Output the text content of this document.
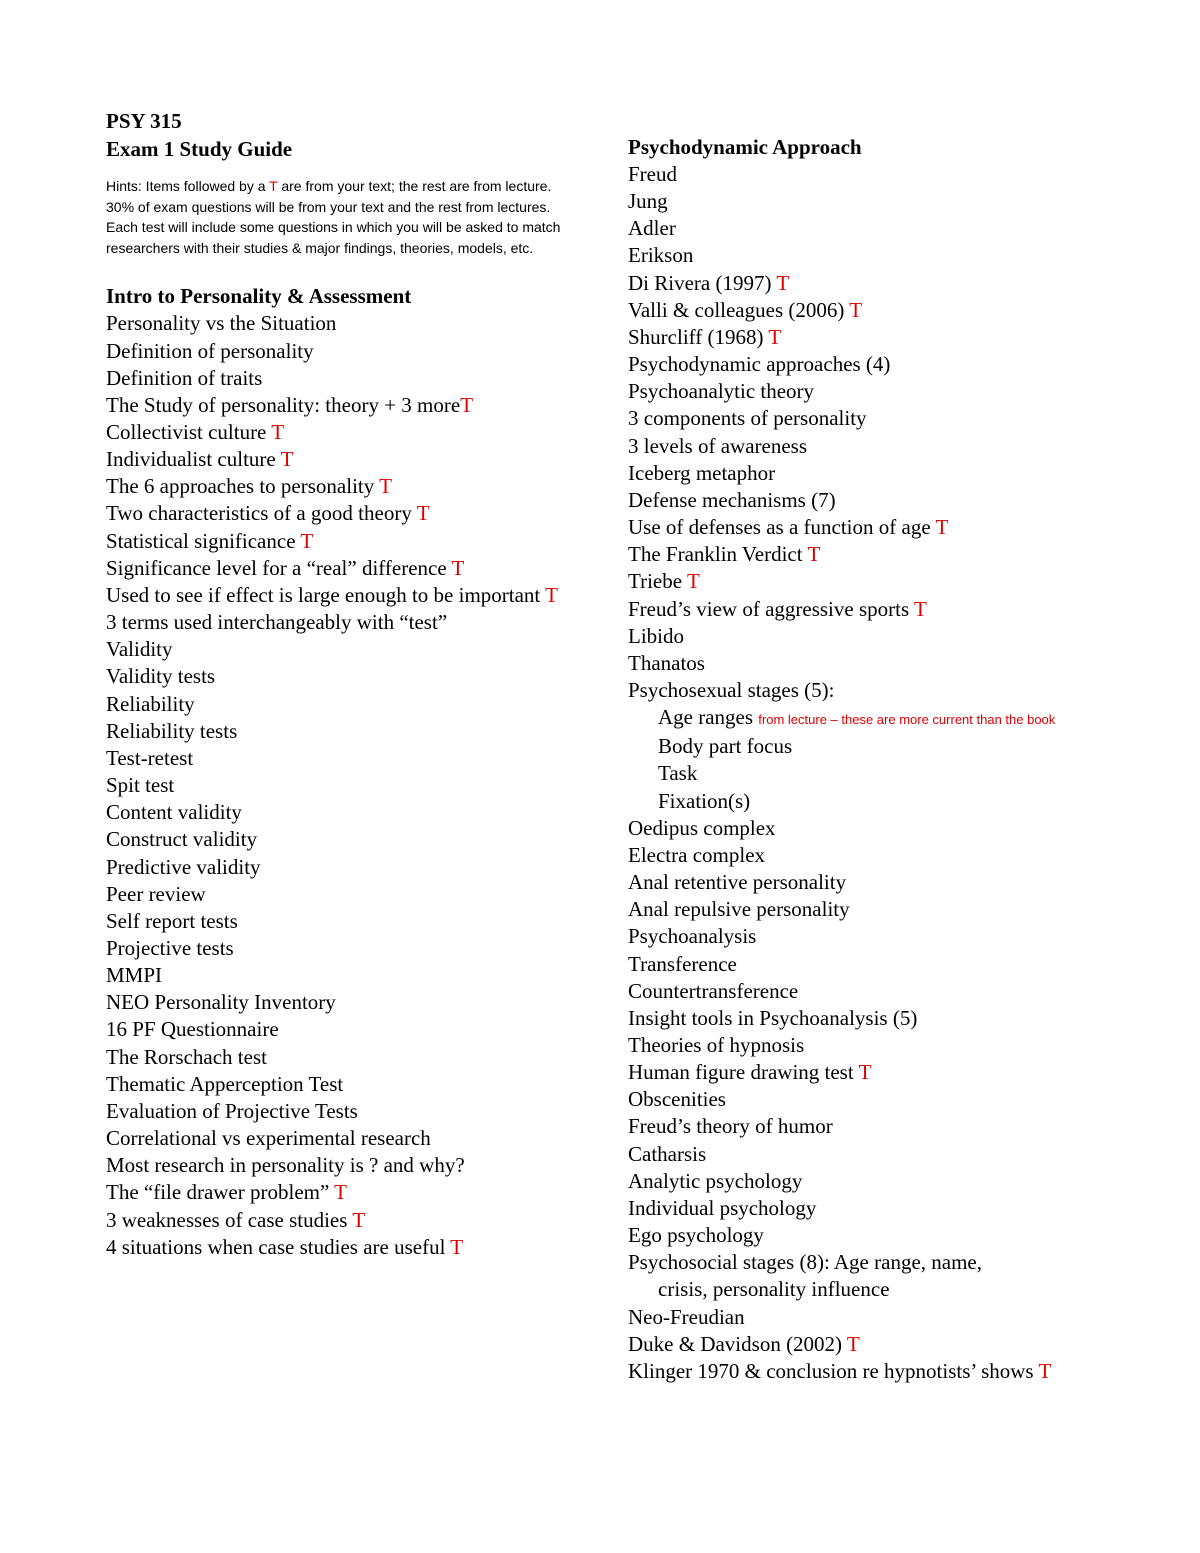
PSY 315

Exam 1 Study Guide

Hints: Items followed by a T are from your text; the rest are from lecture. 30% of exam questions will be from your text and the rest from lectures. Each test will include some questions in which you will be asked to match researchers with their studies & major findings, theories, models, etc.

Intro to Personality & Assessment

Personality vs the Situation
Definition of personality
Definition of traits
The Study of personality: theory + 3 moreT
Collectivist culture T
Individualist culture T
The 6 approaches to personality T
Two characteristics of a good theory T
Statistical significance T
Significance level for a “real” difference T
Used to see if effect is large enough to be important T
3 terms used interchangeably with “test”
Validity
Validity tests
Reliability
Reliability tests
Test-retest
Spit test
Content validity
Construct validity
Predictive validity
Peer review
Self report tests
Projective tests
MMPI
NEO Personality Inventory
16 PF Questionnaire
The Rorschach test
Thematic Apperception Test
Evaluation of Projective Tests
Correlational vs experimental research
Most research in personality is ? and why?
The “file drawer problem” T
3 weaknesses of case studies T
4 situations when case studies are useful T

Psychodynamic Approach

Freud
Jung
Adler
Erikson
Di Rivera (1997) T
Valli & colleagues (2006) T
Shurcliff (1968) T
Psychodynamic approaches (4)
Psychoanalytic theory
3 components of personality
3 levels of awareness
Iceberg metaphor
Defense mechanisms (7)
Use of defenses as a function of age T
The Franklin Verdict T
Triebe T
Freud’s view of aggressive sports T
Libido
Thanatos
Psychosexual stages (5):
Age ranges from lecture – these are more current than the book
Body part focus
Task
Fixation(s)
Oedipus complex
Electra complex
Anal retentive personality
Anal repulsive personality
Psychoanalysis
Transference
Countertransference
Insight tools in Psychoanalysis (5)
Theories of hypnosis
Human figure drawing test T
Obscenities
Freud’s theory of humor
Catharsis
Analytic psychology
Individual psychology
Ego psychology
Psychosocial stages (8): Age range, name,
crisis, personality influence
Neo-Freudian
Duke & Davidson (2002) T
Klinger 1970 & conclusion re hypnotists’ shows T
